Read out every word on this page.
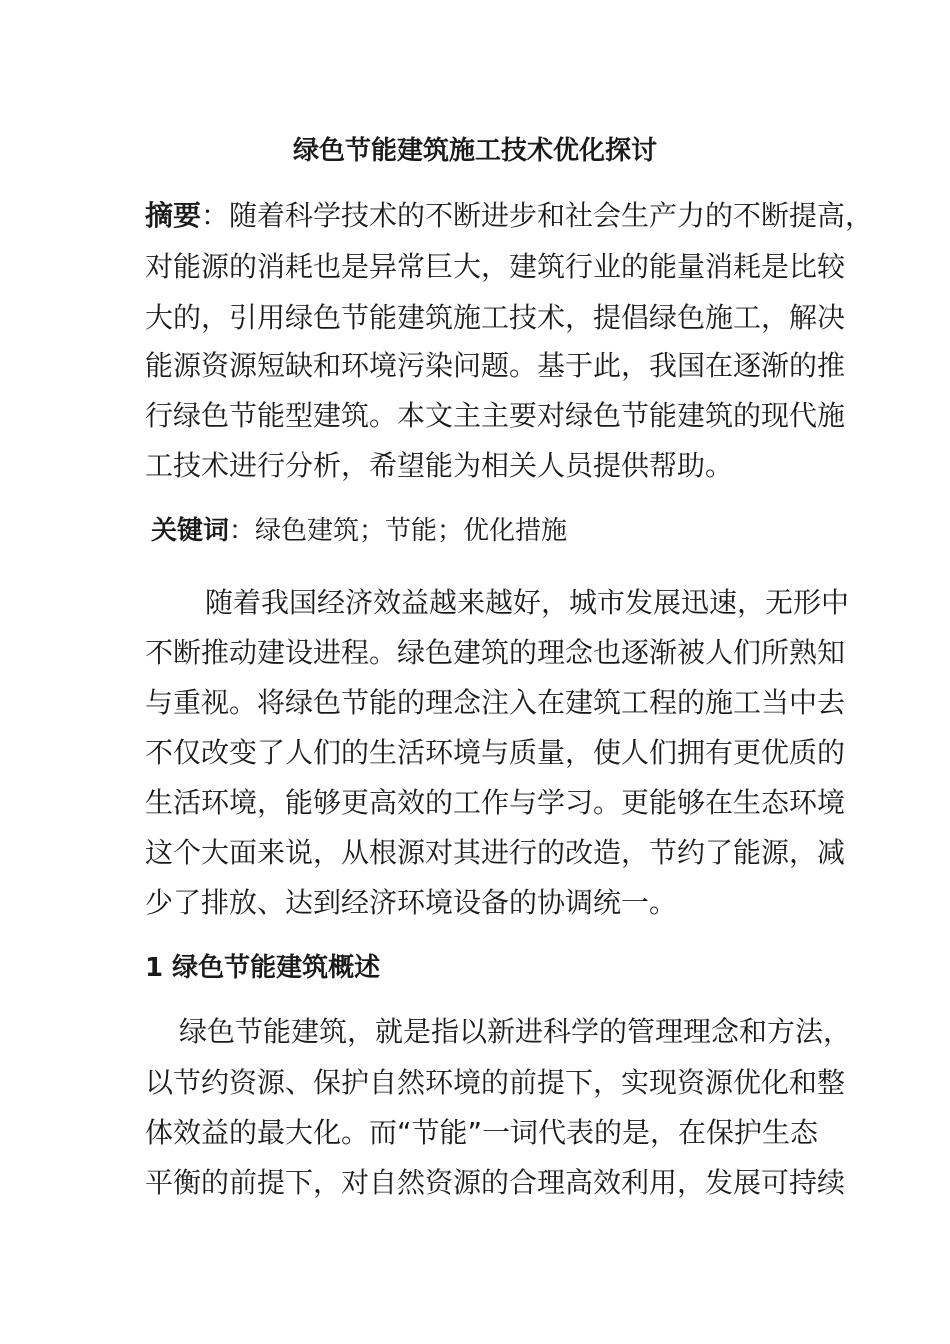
绿色节能建筑施工技术优化探讨
摘要：随着科学技术的不断进步和社会生产力的不断提高，
对能源的消耗也是异常巨大，建筑行业的能量消耗是比较
大的，引用绿色节能建筑施工技术，提倡绿色施工，解决
能源资源短缺和环境污染问题。基于此，我国在逐渐的推
行绿色节能型建筑。本文主主要对绿色节能建筑的现代施
工技术进行分析，希望能为相关人员提供帮助。
关键词：绿色建筑；节能；优化措施
随着我国经济效益越来越好，城市发展迅速，无形中
不断推动建设进程。绿色建筑的理念也逐渐被人们所熟知
与重视。将绿色节能的理念注入在建筑工程的施工当中去
不仅改变了人们的生活环境与质量，使人们拥有更优质的
生活环境，能够更高效的工作与学习。更能够在生态环境
这个大面来说，从根源对其进行的改造，节约了能源，减
少了排放、达到经济环境设备的协调统一。
1 绿色节能建筑概述
绿色节能建筑，就是指以新进科学的管理理念和方法，
以节约资源、保护自然环境的前提下，实现资源优化和整
体效益的最大化。而“节能”一词代表的是，在保护生态
平衡的前提下，对自然资源的合理高效利用，发展可持续
